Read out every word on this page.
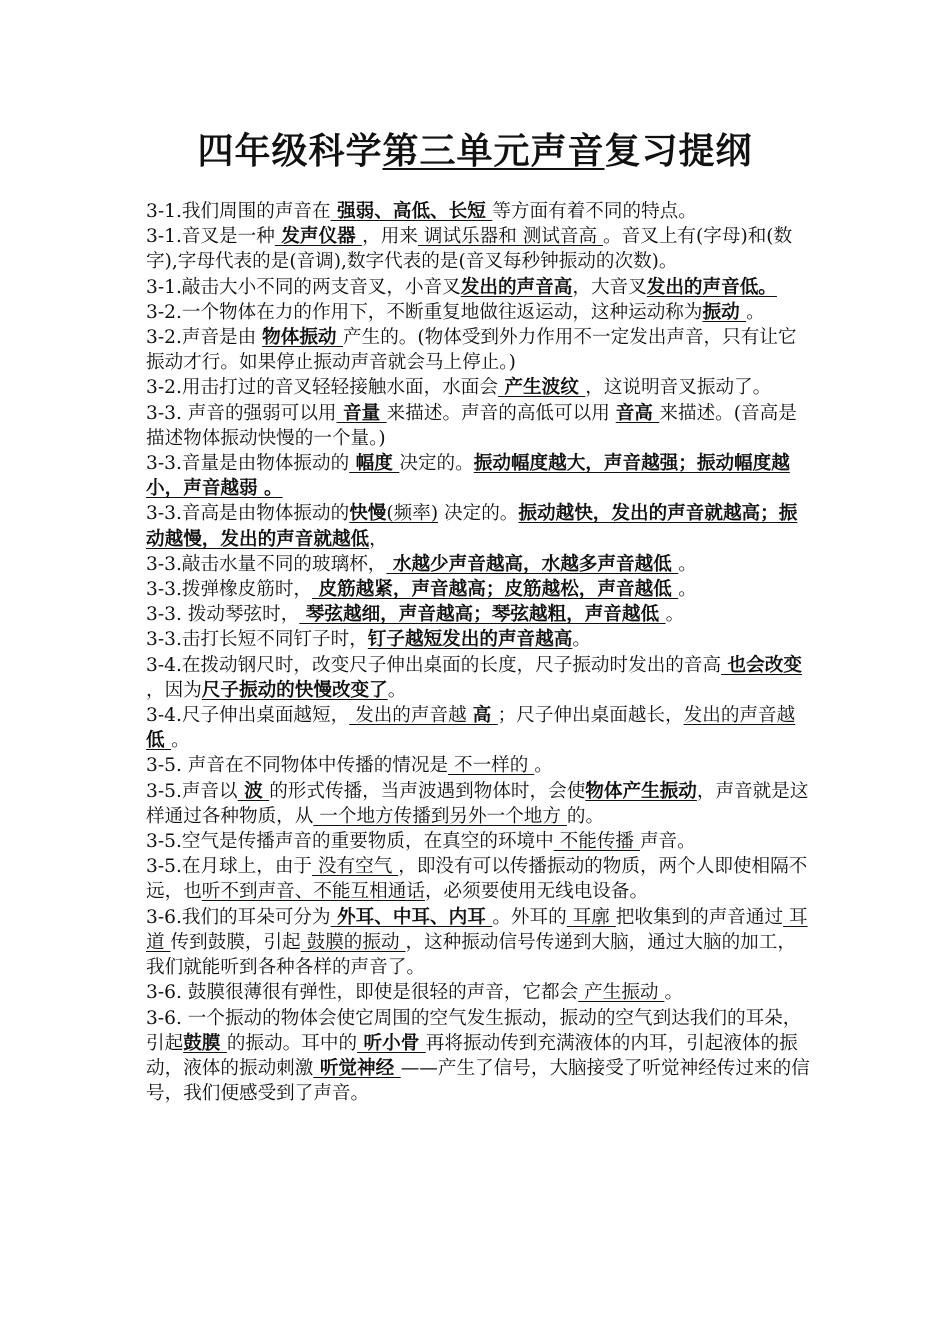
四年级科学第三单元声音复习提纲

3-1.我们周围的声音在 强弱、高低、长短 等方面有着不同的特点。

3-1.音叉是一种 发声仪器 ，用来 调试乐器和 测试音高 。音叉上有(字母)和(数字),字母代表的是(音调),数字代表的是(音叉每秒钟振动的次数)。

3-1.敲击大小不同的两支音叉，小音叉发出的声音高，大音叉发出的声音低。

3-2.一个物体在力的作用下，不断重复地做往返运动，这种运动称为振动 。

3-2.声音是由 物体振动 产生的。(物体受到外力作用不一定发出声音，只有让它振动才行。如果停止振动声音就会马上停止。)

3-2.用击打过的音叉轻轻接触水面，水面会 产生波纹 ，这说明音叉振动了。

3-3. 声音的强弱可以用 音量 来描述。声音的高低可以用 音高 来描述。(音高是描述物体振动快慢的一个量。)

3-3.音量是由物体振动的 幅度 决定的。振动幅度越大，声音越强；振动幅度越小，声音越弱 。

3-3.音高是由物体振动的快慢(频率) 决定的。振动越快，发出的声音就越高；振动越慢，发出的声音就越低，

3-3.敲击水量不同的玻璃杯， 水越少声音越高，水越多声音越低 。

3-3.拨弹橡皮筋时， 皮筋越紧，声音越高；皮筋越松，声音越低 。

3-3. 拨动琴弦时， 琴弦越细，声音越高；琴弦越粗，声音越低 。

3-3.击打长短不同钉子时，钉子越短发出的声音越高。

3-4.在拨动钢尺时，改变尺子伸出桌面的长度，尺子振动时发出的音高 也会改变 ，因为尺子振动的快慢改变了。

3-4.尺子伸出桌面越短， 发出的声音越 高 ；尺子伸出桌面越长，发出的声音越 低 。

3-5. 声音在不同物体中传播的情况是 不一样的 。

3-5.声音以 波 的形式传播，当声波遇到物体时，会使物体产生振动，声音就是这样通过各种物质，从 一个地方传播到另外一个地方 的。

3-5.空气是传播声音的重要物质，在真空的环境中 不能传播 声音。

3-5.在月球上，由于 没有空气 ，即没有可以传播振动的物质，两个人即使相隔不远，也听不到声音、不能互相通话，必须要使用无线电设备。

3-6.我们的耳朵可分为 外耳、中耳、内耳 。外耳的 耳廓 把收集到的声音通过 耳道 传到鼓膜，引起 鼓膜的振动 ，这种振动信号传递到大脑，通过大脑的加工，我们就能听到各种各样的声音了。

3-6. 鼓膜很薄很有弹性，即使是很轻的声音，它都会 产生振动 。

3-6. 一个振动的物体会使它周围的空气发生振动，振动的空气到达我们的耳朵，引起鼓膜 的振动。耳中的 听小骨 再将振动传到充满液体的内耳，引起液体的振动，液体的振动刺激 听觉神经 ——产生了信号，大脑接受了听觉神经传过来的信号，我们便感受到了声音。
